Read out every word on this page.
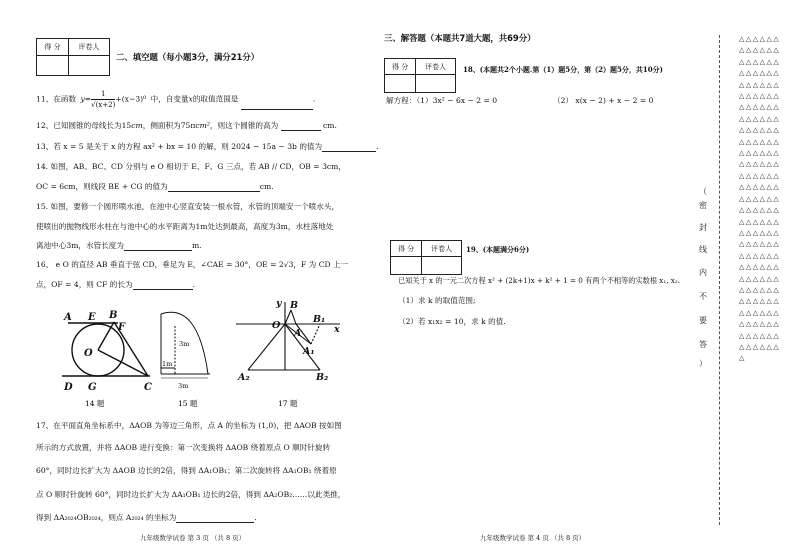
得 分	评卷人

二、填空题（每小题3分，满分21分）
11、在函数 $y= \frac{1}{√(x+2)} +(x-3)^0$ 中，自变量x的取值范围是	.
12、已知圆锥的母线长为15cm，侧面积为75πcm²，则这个圆锥的高为	cm.
13、若 x = 5 是关于 x 的方程 ax² + bx = 10 的解，则 2024 − 15a − 3b 的值为	.
14. 如图，AB、BC、CD 分别与 e O 相切于 E、F、G 三点，若 AB // CD，OB = 3cm，
OC = 6cm，则线段 BE + CG 的值为	cm.
15. 如图，要修一个圆形喷水池，在池中心竖直安装一根水管，水管的顶端安一个喷水头，
使喷出的抛物线形水柱在与池中心的水平距离为1m处达到最高，高度为3m，水柱落地处
离池中心3m，水管长度为	m.
16、 e O 的直径 AB 垂直于弦 CD，垂足为 E，∠CAE = 30°，OE = 2√3，F 为 CD 上一
点，OF = 4，则 CF 的长为	.
A E B
F
O
D G	C
14 题
3m
1m
3m
15 题
y B
O
A
B₁
x
A₁
A₂	B₂
17 题
17、在平面直角坐标系中，ΔAOB 为等边三角形，点 A 的坐标为 (1,0)，把 ΔAOB 按如图
所示的方式放置，并将 ΔAOB 进行变换：第一次变换将 ΔAOB 绕着原点 O 顺时针旋转
60°，同时边长扩大为 ΔAOB 边长的2倍，得到 ΔA₁OB₁；第二次旋转将 ΔA₁OB₁ 绕着原
点 O 顺时针旋转 60°，同时边长扩大为 ΔA₁OB₁ 边长的2倍，得到 ΔA₂OB₂……以此类推，
得到 ΔA₂₀₂₄OB₂₀₂₄，则点 A₂₀₂₄ 的坐标为	.
九年级数学试卷 第 3 页 （共 8 页）
三、解答题（本题共7道大题，共69分）
得 分	评卷人
	18、(本题共2个小题.第（1）题5分，第（2）题5分，共10分)
解方程：（1）3x² − 6x − 2 = 0	（2） x(x − 2) + x − 2 = 0
得 分	评卷人
	19、(本题满分6分)
已知关于 x 的一元二次方程 x² + (2k+1)x + k² + 1 = 0 有两个不相等的实数根 x₁, x₂.
（1）求 k 的取值范围;
（2）若 x₁x₂ = 10，求 k 的值.
九年级数学试卷 第 4 页 （共 8 页）
（
密
封
线
内
不
要
答
）
△△△△△△△△△△△△△△△△△△△△△△△△△△△△△△△△△△△△△△△△△△△△△△△△△△△△△△△△△△△△△△△△△△△△△△△△△△△△△△△△△△△△△△△△△△△△△△△△△△△△△△△△△△△△△△△△△△△△△△△△△△△△△△△△△△△△△△△△△△△△△△△△△△△△△△△△△△△△△△△△△△△△△△△△△
